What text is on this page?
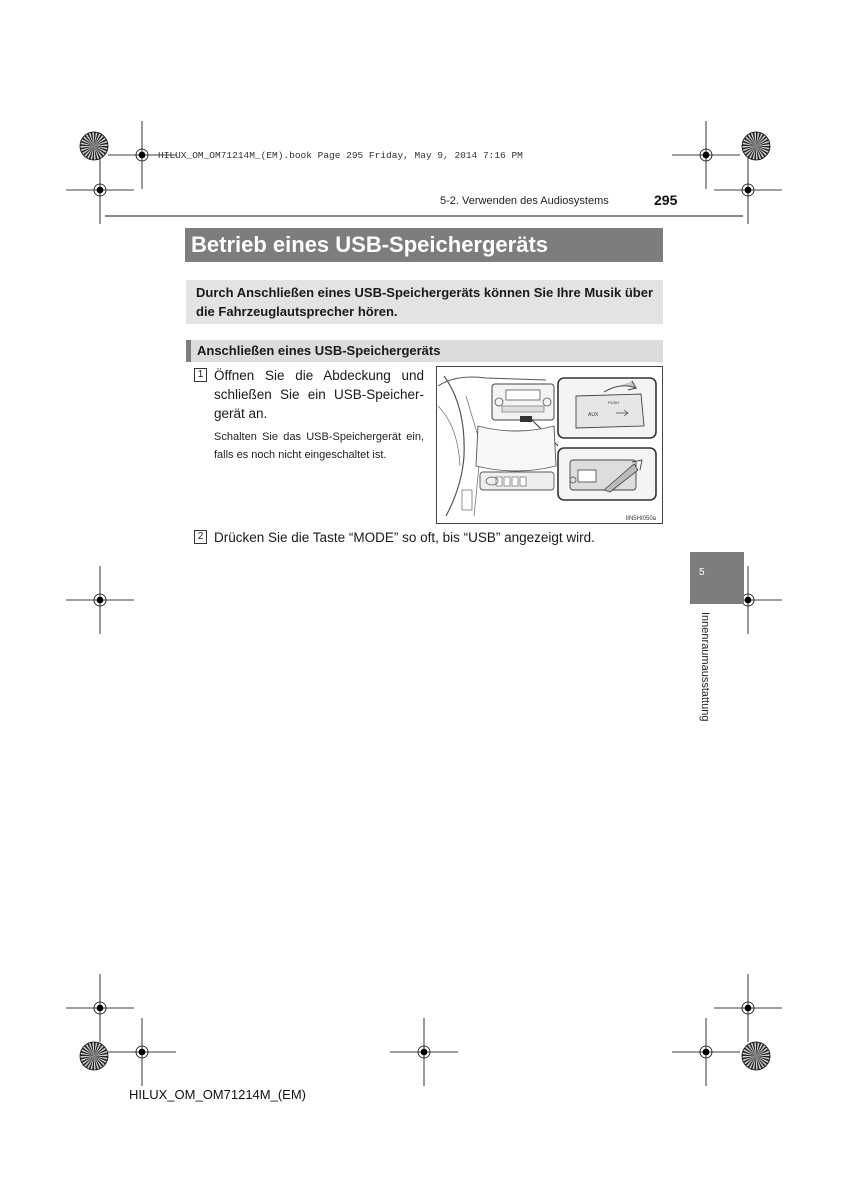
HILUX_OM_OM71214M_(EM).book Page 295 Friday, May 9, 2014 7:16 PM
5-2. Verwenden des Audiosystems	295
Betrieb eines USB-Speichergeräts
Durch Anschließen eines USB-Speichergeräts können Sie Ihre Musik über die Fahrzeuglautsprecher hören.
Anschließen eines USB-Speichergeräts
1 Öffnen Sie die Abdeckung und schließen Sie ein USB-Speicher-gerät an.
Schalten Sie das USB-Speichergerät ein, falls es noch nicht eingeschaltet ist.
PUSH
AUX
IIN5HI050a
2 Drücken Sie die Taste “MODE” so oft, bis “USB” angezeigt wird.
5
Innenraumausstattung
HILUX_OM_OM71214M_(EM)
